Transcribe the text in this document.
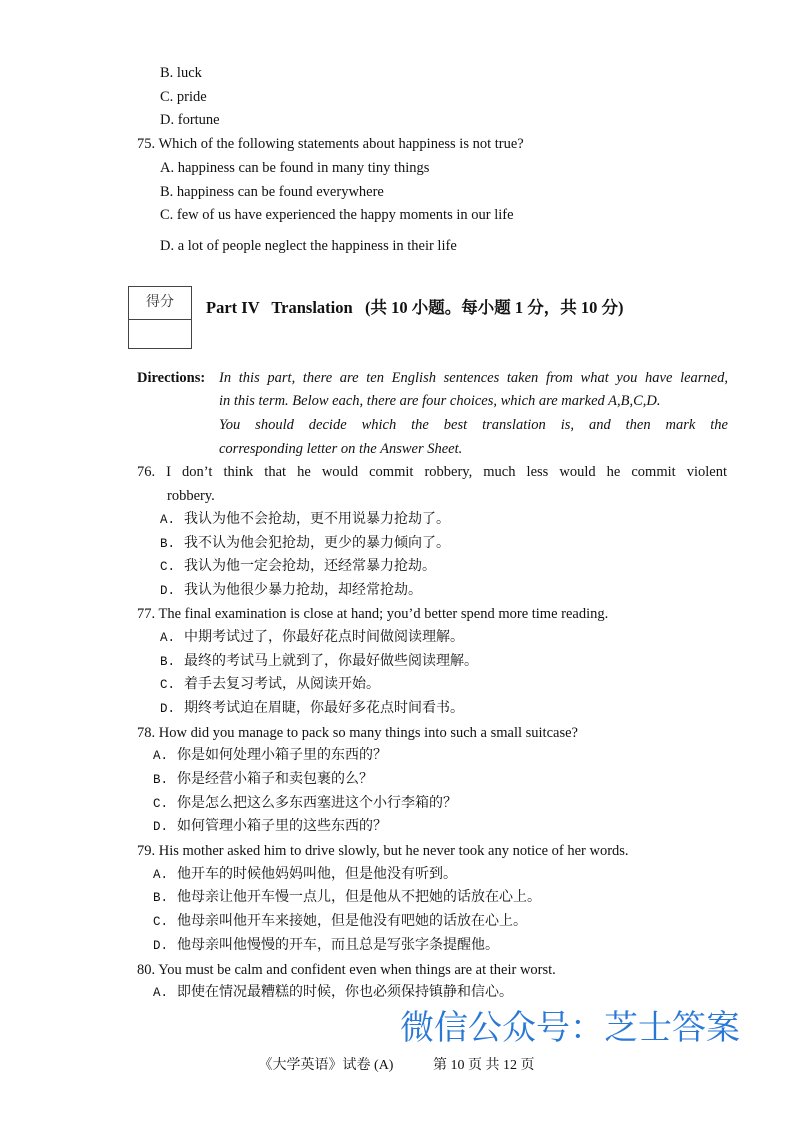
B. luck
C. pride
D. fortune
75. Which of the following statements about happiness is not true?
A. happiness can be found in many tiny things
B. happiness can be found everywhere
C. few of us have experienced the happy moments in our life
D. a lot of people neglect the happiness in their life
得分	Part IV   Translation   (共 10 小题。每小题 1 分，共 10 分)
Directions: In this part, there are ten English sentences taken from what you have learned,
in this term. Below each, there are four choices, which are marked A,B,C,D.
You should decide which the best translation is, and then mark the
corresponding letter on the Answer Sheet.
76. I don’t think that he would commit robbery, much less would he commit violent
robbery.
A. 我认为他不会抢劫，更不用说暴力抢劫了。
B. 我不认为他会犯抢劫，更少的暴力倾向了。
C. 我认为他一定会抢劫，还经常暴力抢劫。
D. 我认为他很少暴力抢劫，却经常抢劫。
77. The final examination is close at hand; you’d better spend more time reading.
A. 中期考试过了，你最好花点时间做阅读理解。
B. 最终的考试马上就到了，你最好做些阅读理解。
C. 着手去复习考试，从阅读开始。
D. 期终考试迫在眉睫，你最好多花点时间看书。
78. How did you manage to pack so many things into such a small suitcase?
A. 你是如何处理小箱子里的东西的？
B. 你是经营小箱子和卖包裹的么？
C. 你是怎么把这么多东西塞进这个小行李箱的？
D. 如何管理小箱子里的这些东西的？
79. His mother asked him to drive slowly, but he never took any notice of her words.
A. 他开车的时候他妈妈叫他，但是他没有听到。
B. 他母亲让他开车慢一点儿，但是他从不把她的话放在心上。
C. 他母亲叫他开车来接她，但是他没有吧她的话放在心上。
D. 他母亲叫他慢慢的开车，而且总是写张字条提醒他。
80. You must be calm and confident even when things are at their worst.
A. 即使在情况最糟糕的时候，你也必须保持镇静和信心。
微信公众号：芝士答案
《大学英语》试卷 (A)	第 10 页 共 12 页
